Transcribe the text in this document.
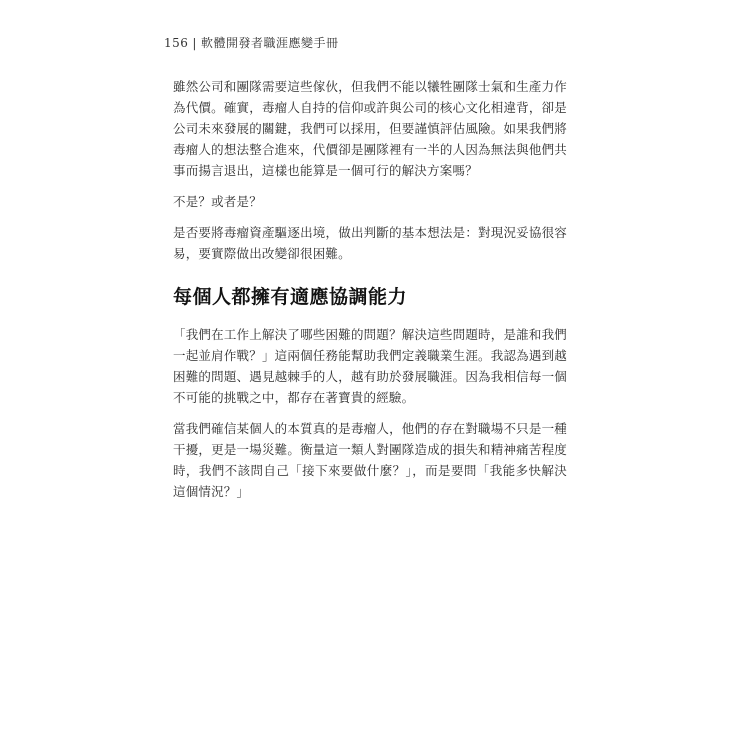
156 | 軟體開發者職涯應變手冊

雖然公司和團隊需要這些傢伙，但我們不能以犧牲團隊士氣和生產力作為代價。確實，毒瘤人自持的信仰或許與公司的核心文化相違背，卻是公司未來發展的關鍵，我們可以採用，但要謹慎評估風險。如果我們將毒瘤人的想法整合進來，代價卻是團隊裡有一半的人因為無法與他們共事而揚言退出，這樣也能算是一個可行的解決方案嗎？

不是？或者是？

是否要將毒瘤資產驅逐出境，做出判斷的基本想法是：對現況妥協很容易，要實際做出改變卻很困難。

每個人都擁有適應協調能力

「我們在工作上解決了哪些困難的問題？解決這些問題時，是誰和我們一起並肩作戰？」這兩個任務能幫助我們定義職業生涯。我認為遇到越困難的問題、遇見越棘手的人，越有助於發展職涯。因為我相信每一個不可能的挑戰之中，都存在著寶貴的經驗。

當我們確信某個人的本質真的是毒瘤人，他們的存在對職場不只是一種干擾，更是一場災難。衡量這一類人對團隊造成的損失和精神痛苦程度時，我們不該問自己「接下來要做什麼？」，而是要問「我能多快解決這個情況？」
